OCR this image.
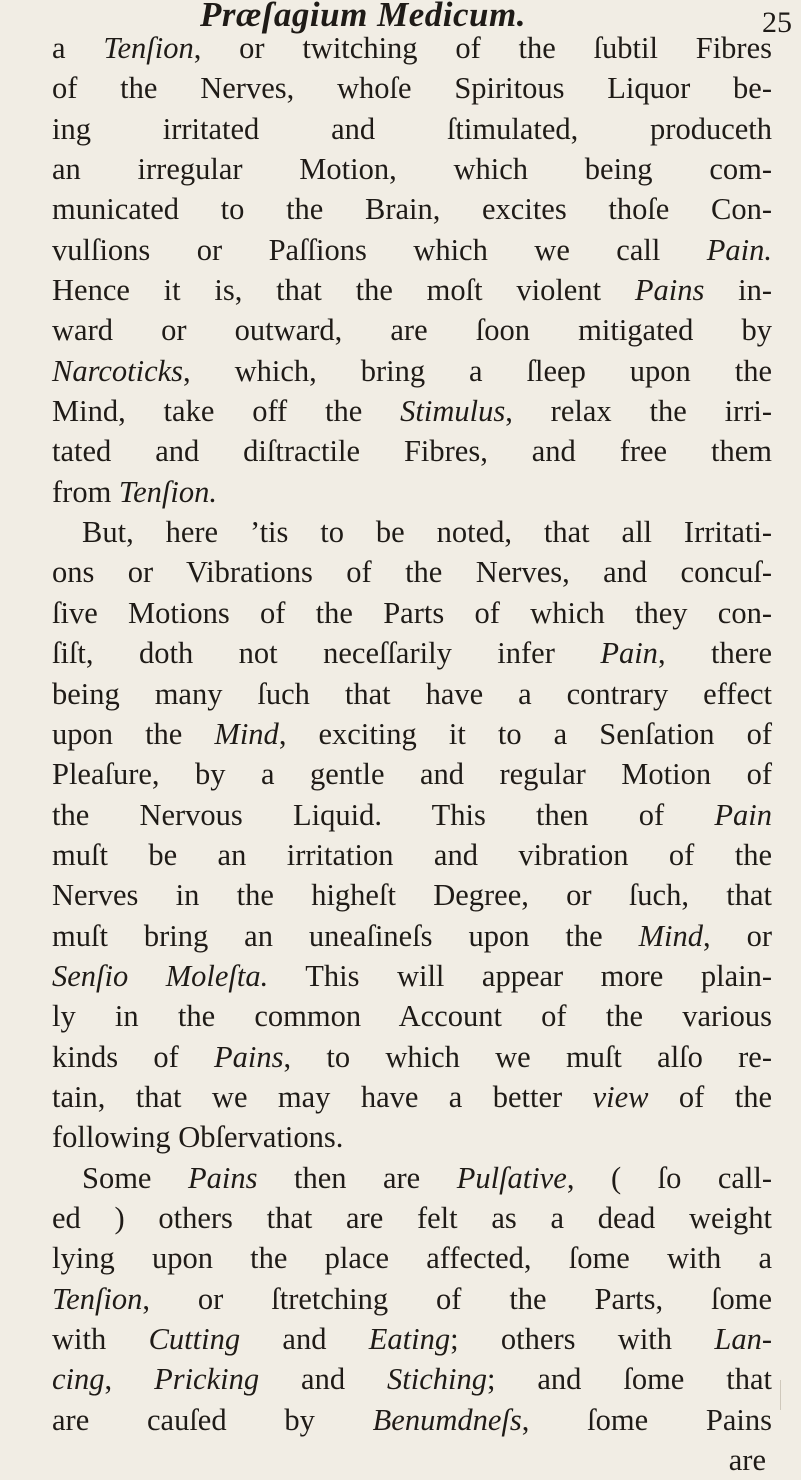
Præſagium Medicum.	25
a Tenſion, or twitching of the ſubtil Fibres
of the Nerves, whoſe Spiritous Liquor be-
ing irritated and ſtimulated, produceth
an irregular Motion, which being com-
municated to the Brain, excites thoſe Con-
vulſions or Paſſions which we call Pain.
Hence it is, that the moſt violent Pains in-
ward or outward, are ſoon mitigated by
Narcoticks, which, bring a ſleep upon the
Mind, take off the Stimulus, relax the irri-
tated and diſtractile Fibres, and free them
from Tenſion.
But, here ’tis to be noted, that all Irritati-
ons or Vibrations of the Nerves, and concuſ-
ſive Motions of the Parts of which they con-
ſiſt, doth not neceſſarily infer Pain, there
being many ſuch that have a contrary effect
upon the Mind, exciting it to a Senſation of
Pleaſure, by a gentle and regular Motion of
the Nervous Liquid. This then of Pain
muſt be an irritation and vibration of the
Nerves in the higheſt Degree, or ſuch, that
muſt bring an uneaſineſs upon the Mind, or
Senſio Moleſta. This will appear more plain-
ly in the common Account of the various
kinds of Pains, to which we muſt alſo re-
tain, that we may have a better view of the
following Obſervations.
Some Pains then are Pulſative, ( ſo call-
ed ) others that are felt as a dead weight
lying upon the place affected, ſome with a
Tenſion, or ſtretching of the Parts, ſome
with Cutting and Eating; others with Lan-
cing, Pricking and Stiching; and ſome that
are cauſed by Benumdneſs, ſome Pains
are
